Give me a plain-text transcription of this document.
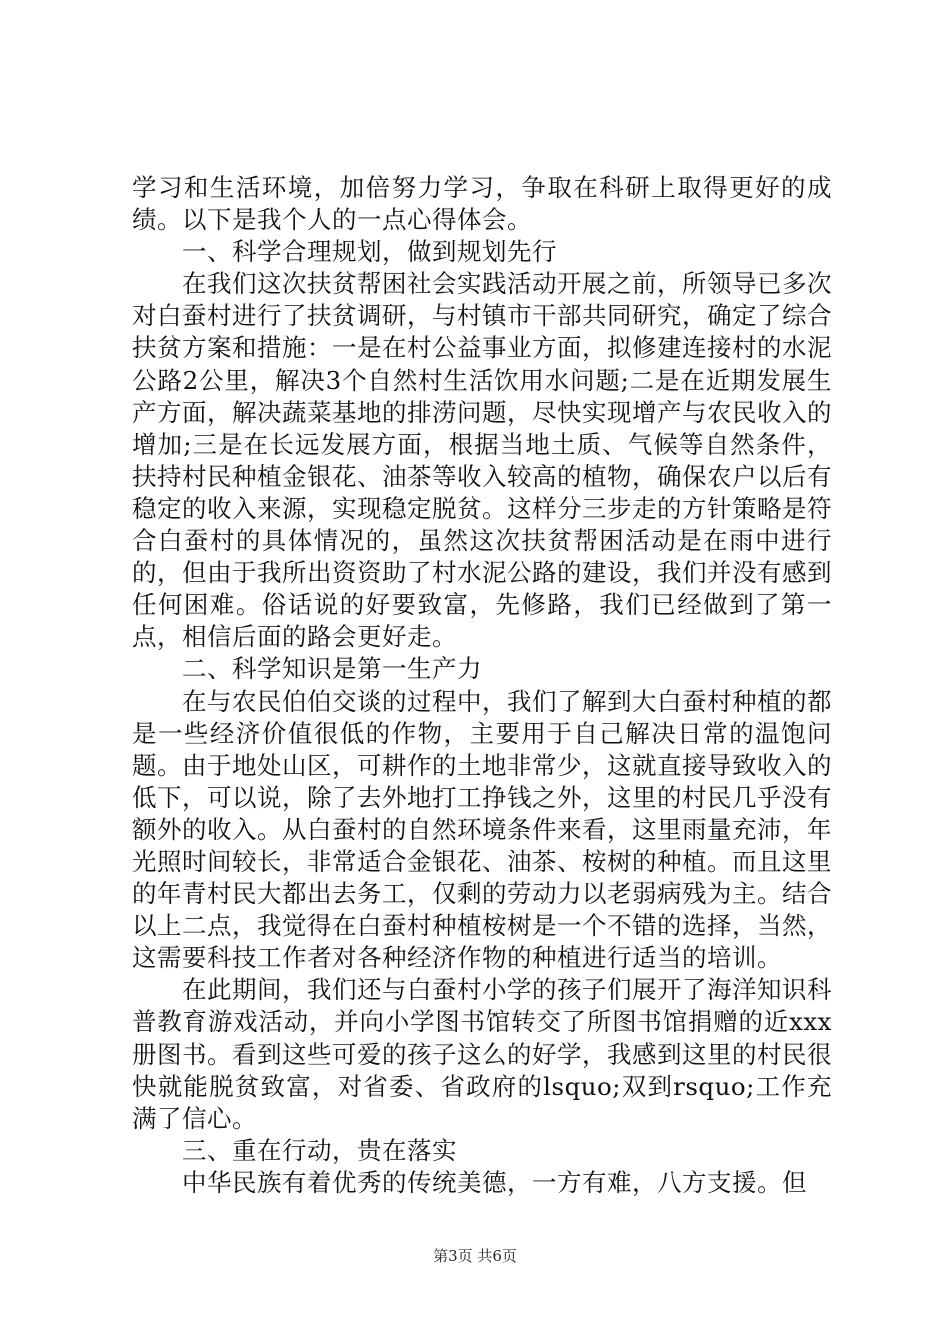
学习和生活环境，加倍努力学习，争取在科研上取得更好的成绩。以下是我个人的一点心得体会。

一、科学合理规划，做到规划先行

在我们这次扶贫帮困社会实践活动开展之前，所领导已多次对白蚕村进行了扶贫调研，与村镇市干部共同研究，确定了综合扶贫方案和措施：一是在村公益事业方面，拟修建连接村的水泥公路2公里，解决3个自然村生活饮用水问题;二是在近期发展生产方面，解决蔬菜基地的排涝问题，尽快实现增产与农民收入的增加;三是在长远发展方面，根据当地土质、气候等自然条件，扶持村民种植金银花、油茶等收入较高的植物，确保农户以后有稳定的收入来源，实现稳定脱贫。这样分三步走的方针策略是符合白蚕村的具体情况的，虽然这次扶贫帮困活动是在雨中进行的，但由于我所出资资助了村水泥公路的建设，我们并没有感到任何困难。俗话说的好要致富，先修路，我们已经做到了第一点，相信后面的路会更好走。

二、科学知识是第一生产力

在与农民伯伯交谈的过程中，我们了解到大白蚕村种植的都是一些经济价值很低的作物，主要用于自己解决日常的温饱问题。由于地处山区，可耕作的土地非常少，这就直接导致收入的低下，可以说，除了去外地打工挣钱之外，这里的村民几乎没有额外的收入。从白蚕村的自然环境条件来看，这里雨量充沛，年光照时间较长，非常适合金银花、油茶、桉树的种植。而且这里的年青村民大都出去务工，仅剩的劳动力以老弱病残为主。结合以上二点，我觉得在白蚕村种植桉树是一个不错的选择，当然，这需要科技工作者对各种经济作物的种植进行适当的培训。

在此期间，我们还与白蚕村小学的孩子们展开了海洋知识科普教育游戏活动，并向小学图书馆转交了所图书馆捐赠的近xxx册图书。看到这些可爱的孩子这么的好学，我感到这里的村民很快就能脱贫致富，对省委、省政府的lsquo;双到rsquo;工作充满了信心。

三、重在行动，贵在落实

中华民族有着优秀的传统美德，一方有难，八方支援。但

第3页 共6页
